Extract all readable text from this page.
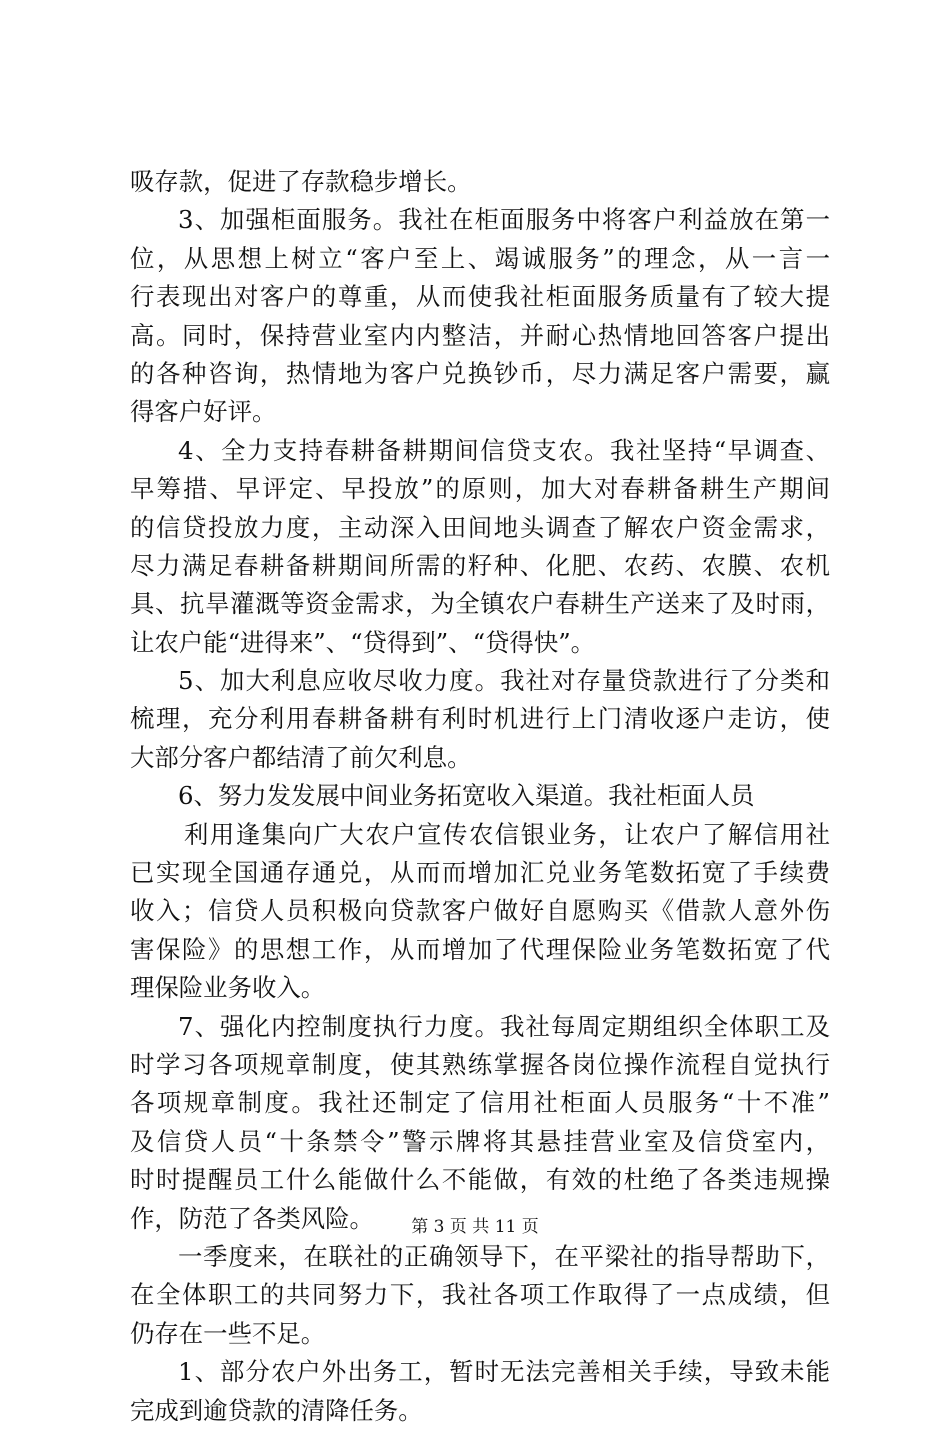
吸存款，促进了存款稳步增长。
3、加强柜面服务。我社在柜面服务中将客户利益放在第一
位，从思想上树立“客户至上、竭诚服务”的理念，从一言一
行表现出对客户的尊重，从而使我社柜面服务质量有了较大提
高。同时，保持营业室内内整洁，并耐心热情地回答客户提出
的各种咨询，热情地为客户兑换钞币，尽力满足客户需要，赢
得客户好评。
4、全力支持春耕备耕期间信贷支农。我社坚持“早调查、
早筹措、早评定、早投放”的原则，加大对春耕备耕生产期间
的信贷投放力度，主动深入田间地头调查了解农户资金需求，
尽力满足春耕备耕期间所需的籽种、化肥、农药、农膜、农机
具、抗旱灌溉等资金需求，为全镇农户春耕生产送来了及时雨，
让农户能“进得来”、“贷得到”、“贷得快”。
5、加大利息应收尽收力度。我社对存量贷款进行了分类和
梳理，充分利用春耕备耕有利时机进行上门清收逐户走访，使
大部分客户都结清了前欠利息。
6、努力发发展中间业务拓宽收入渠道。我社柜面人员
利用逢集向广大农户宣传农信银业务，让农户了解信用社
已实现全国通存通兑，从而而增加汇兑业务笔数拓宽了手续费
收入；信贷人员积极向贷款客户做好自愿购买《借款人意外伤
害保险》的思想工作，从而增加了代理保险业务笔数拓宽了代
理保险业务收入。
7、强化内控制度执行力度。我社每周定期组织全体职工及
时学习各项规章制度，使其熟练掌握各岗位操作流程自觉执行
各项规章制度。我社还制定了信用社柜面人员服务“十不准”
及信贷人员“十条禁令”警示牌将其悬挂营业室及信贷室内，
时时提醒员工什么能做什么不能做，有效的杜绝了各类违规操
作，防范了各类风险。
一季度来，在联社的正确领导下，在平梁社的指导帮助下，
在全体职工的共同努力下，我社各项工作取得了一点成绩，但
仍存在一些不足。
1、部分农户外出务工，暂时无法完善相关手续，导致未能
完成到逾贷款的清降任务。
第 3 页 共 11 页
